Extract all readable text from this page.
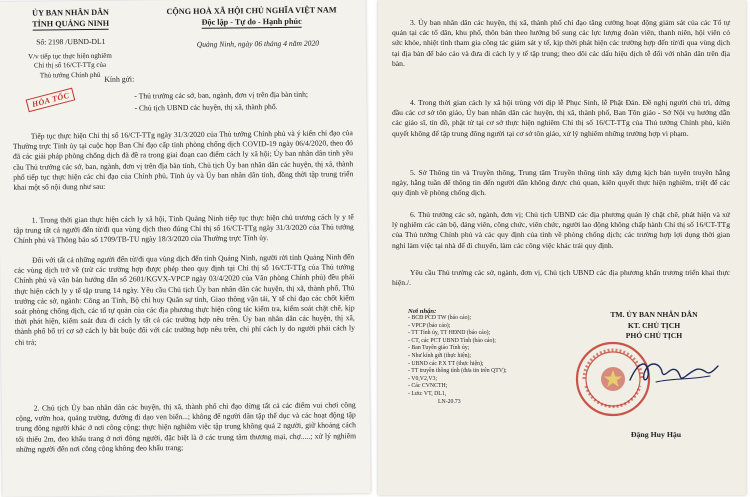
ỦY BAN NHÂN DÂN
TỈNH QUẢNG NINH
Số: 2198 /UBND-DL1
V/v tiếp tục thực hiện nghiêm
Chỉ thị số 16/CT-TTg của
Thủ tướng Chính phủ
CỘNG HOÀ XÃ HỘI CHỦ NGHĨA VIỆT NAM
Độc lập - Tự do - Hạnh phúc
Quảng Ninh, ngày 06 tháng 4 năm 2020
HỎA TỐC
Kính gửi:
- Thủ trưởng các sở, ban, ngành, đơn vị trên địa bàn tỉnh;
- Chủ tịch UBND các huyện, thị xã, thành phố.

Tiếp tục thực hiện Chỉ thị số 16/CT-TTg ngày 31/3/2020 của Thủ tướng Chính phủ và ý kiến chỉ đạo của Thường trực Tỉnh ủy tại cuộc họp Ban Chỉ đạo cấp tỉnh phòng chống dịch COVID-19 ngày 06/4/2020, theo đó đã các giải pháp phòng chống dịch đã đề ra trong giai đoạn cao điểm cách ly xã hội; Ủy ban nhân dân tỉnh yêu cầu Thủ trưởng các sở, ban, ngành, đơn vị trên địa bàn tỉnh, Chủ tịch Ủy ban nhân dân các huyện, thị xã, thành phố tiếp tục thực hiện các chỉ đạo của Chính phủ, Tỉnh ủy và Ủy ban nhân dân tỉnh, đồng thời tập trung triển khai một số nội dung như sau:

1. Trong thời gian thực hiện cách ly xã hội, Tỉnh Quảng Ninh tiếp tục thực hiện chủ trương cách ly y tế tập trung tất cả người đến từ/đi qua vùng dịch theo đúng Chỉ thị số 16/CT-TTg ngày 31/3/2020 của Thủ tướng Chính phủ và Thông báo số 1709/TB-TU ngày 18/3/2020 của Thường trực Tỉnh ủy.

Đối với tất cả những người đến từ/đi qua vùng dịch đến tỉnh Quảng Ninh, người rời tỉnh Quảng Ninh đến các vùng dịch trở về (trừ các trường hợp được phép theo quy định tại Chỉ thị số 16/CT-TTg của Thủ tướng Chính phủ và văn bản hướng dẫn số 2601/KGVX-VPCP ngày 03/4/2020 của Văn phòng Chính phủ) đều phải thực hiện cách ly y tế tập trung 14 ngày. Yêu cầu Chủ tịch Ủy ban nhân dân các huyện, thị xã, thành phố, Thủ trưởng các sở, ngành: Công an Tỉnh, Bộ chỉ huy Quân sự tỉnh, Giao thông vận tải, Y tế chỉ đạo các chốt kiểm soát phòng chống dịch, các tổ tự quản của các địa phương thực hiện công tác kiểm tra, kiểm soát chặt chẽ, kịp thời phát hiện, kiểm soát đưa đi cách ly tất cả các trường hợp nêu trên. Ủy ban nhân dân các huyện, thị xã, thành phố bố trí cơ sở cách ly bắt buộc đối với các trường hợp nêu trên, chi phí cách ly do người phải cách ly chi trả;

2. Chủ tịch Ủy ban nhân dân các huyện, thị xã, thành phố chỉ đạo dừng tất cả các điểm vui chơi công cộng, vườn hoa, quảng trường, đường đi dạo ven biển...; không để người dân tập thể dục và các hoạt động tập trung đông người khác ở nơi công cộng; thực hiện nghiêm việc tập trung không quá 2 người, giữ khoảng cách tối thiểu 2m, đeo khẩu trang ở nơi đông người, đặc biệt là ở các trung tâm thương mại, chợ.....; xử lý nghiêm những người đến nơi công cộng không đeo khẩu trang;

3. Ủy ban nhân dân các huyện, thị xã, thành phố chỉ đạo tăng cường hoạt động giám sát của các Tổ tự quản tại các tổ dân, khu phố, thôn bản theo hướng bổ sung các lực lượng đoàn viên, thanh niên, hội viên có sức khỏe, nhiệt tình tham gia công tác giám sát y tế, kịp thời phát hiện các trường hợp đến từ/đi qua vùng dịch tại địa bàn để báo cáo và đưa đi cách ly y tế tập trung; theo dõi các dấu hiệu dịch tễ đối với nhân dân trên địa bàn.

4. Trong thời gian cách ly xã hội trùng với dịp lễ Phục Sinh, lễ Phật Đản. Đề nghị người chủ trì, đứng đầu các cơ sở tôn giáo, Ủy ban nhân dân các huyện, thị xã, thành phố, Ban Tôn giáo - Sở Nội vụ hướng dẫn các giáo sĩ, tín đồ, phật tử tại cơ sở thực hiện nghiêm Chỉ thị số 16/CT-TTg của Thủ tướng Chính phủ, kiên quyết không để tập trung đông người tại cơ sở tôn giáo, xử lý nghiêm những trường hợp vi phạm.

5. Sở Thông tin và Truyền thông, Trung tâm Truyền thông tỉnh xây dựng kịch bản tuyên truyền hằng ngày, hằng tuần để thông tin đến người dân không được chủ quan, kiên quyết thực hiện nghiêm, triệt để các quy định về phòng chống dịch.

6. Thủ trưởng các sở, ngành, đơn vị; Chủ tịch UBND các địa phương quản lý chặt chẽ, phát hiện và xử lý nghiêm các cán bộ, đảng viên, công chức, viên chức, người lao động không chấp hành Chỉ thị số 16/CT-TTg của Thủ tướng Chính phủ và các quy định của tỉnh về phòng chống dịch; các trường hợp lợi dụng thời gian nghỉ làm việc tại nhà để đi chuyển, làm các công việc khác trái quy định.

Yêu cầu Thủ trưởng các sở, ngành, đơn vị, Chủ tịch UBND các địa phương khẩn trương triển khai thực hiện./.

Nơi nhận:
- BCĐ PCD TW (báo cáo);
- VPCP (báo cáo);
- TT Tỉnh ủy, TT HĐND (báo cáo);
- CT, các PCT UBND Tỉnh (báo cáo);
- Ban Tuyên giáo Tỉnh ủy;
- Như kính gửi (thực hiện);
- UBND các P.X TT (thực hiện);
- TT truyền thông tỉnh (đưa tin trên QTV);
- V0,V2,V3;
- Các CVNCTH;
- Lưu: VT, DL1,
LN-20.73
TM. ỦY BAN NHÂN DÂN
KT. CHỦ TỊCH
PHÓ CHỦ TỊCH
Đặng Huy Hậu
